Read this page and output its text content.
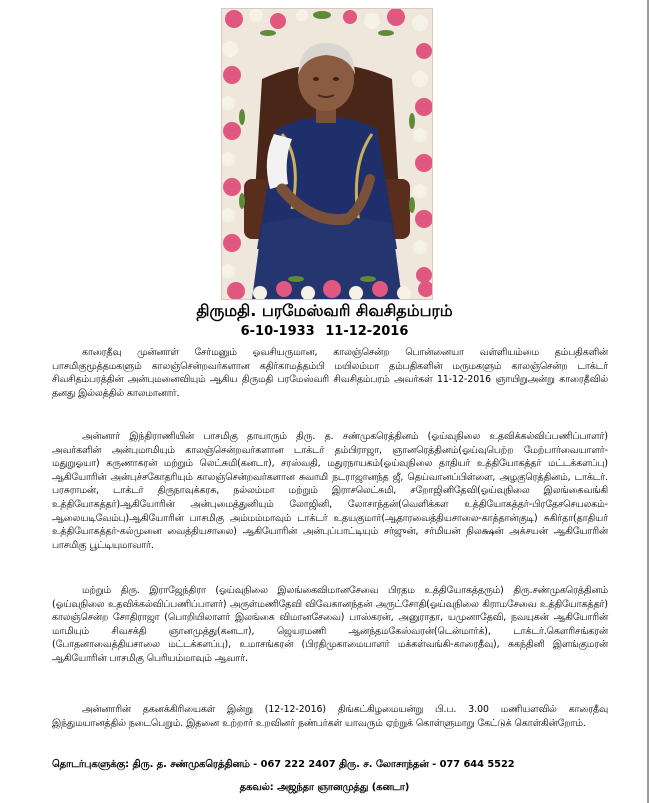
திருமதி. பரமேஸ்வரி சிவசிதம்பரம்
6-10-1933 11-12-2016

காரைதீவு முன்னாள் சேர்மனும் ஓவசியருமான, காலஞ்சென்ற பொன்னையா வள்ளியம்மை தம்பதிகளின் பாசமிகுமூத்தமகளும் காலஞ்சென்றவர்களான கதிர்காமத்தம்பி மயிலம்மா தம்பதிகளின் மருமகளும் காலஞ்சென்ற டாக்டர் சிவசிதம்பரத்தின் அன்புமனைவியும் ஆகிய திருமதி பரமேஸ்வரி சிவசிதம்பரம் அவர்கள் 11-12-2016 ஞாயிறுஅன்று காரைதீவில் தனது இல்லத்தில் காலமானார்.

அன்னார் இந்திராணியின் பாசமிகு தாயாரும் திரு. த. சண்முகரெத்தினம் (ஓய்வுநிலை உதவிக்கல்விப்பணிப்பாளர்) அவர்களின் அன்புமாமியும் காலஞ்சென்றவர்களான டாக்டர் தம்பிராஜா, ஞானரெத்தினம்(ஓய்வுபெற்ற மேற்பார்வையாளர்-மதுறுஓயா) கருணாகரன் மற்றும் லெட்சுமி(கனடா), சரஸ்வதி, மதுரநாயகம்(ஓய்வுநிலை தாதியர் உத்தியோகத்தர் மட்டக்களப்பு) ஆகியோரின் அன்புச்சகோதரியும் காலஞ்சென்றவர்களான சுவாமி நடராஜானந்த ஜீ, தெய்வானப்பிள்ளை, அழகுரெத்தினம், டாக்டர். பரசுராமன், டாக்டர் திருநாவுக்கரசு, நல்லம்மா மற்றும் இராசலெட்சுமி, சறோஜினிதேவி(ஓய்வுநிலை இலங்கைவங்கி உத்தியோகத்தர்)ஆகியோரின் அன்புமைத்துனியும் லோஜினி, லோசாந்தன்(வெளிக்கள உத்தியோகத்தர்-பிரதேசசெயலகம்-ஆலையடிவேம்பு)ஆகியோரின் பாசமிகு அம்மம்மாவும் டாக்டர் உதயகுமார்(ஆதாரவைத்தியசாலை-காத்தான்குடி) சுகிர்தா(தாதியர் உத்தியோகத்தர்-கல்முனை வைத்தியசாலை) ஆகியோரின் அன்புப்பாட்டியும் சர்ஜுன், சர்மியன் நிலக்ஷன் அக்சயன் ஆகியோரின் பாசமிகு பூட்டியுமாவார்.

மற்றும் திரு. இராஜேந்திரா (ஓய்வுநிலை இலங்கைவிமானசேவை பிரதம உத்தியோகத்தரும்) திரு.சண்முகரெத்தினம் (ஓய்வுநிலை உதவிக்கல்விப்பணிப்பாளர்) அருள்மணிதேவி விவேகானந்தன் அருட்சோதி(ஓய்வுநிலை கிராமசேவை உத்தியோகத்தர்) காலஞ்சென்ற சோதிராஜா (பொறியிலாளர் இலங்கை விமானசேவை) பாஸ்கரன், அனுராதா, யமுனாதேவி, நவயுகன் ஆகியோரின் மாமியும் சிவசக்தி ஞானமுத்து(கனடா), ஜெயரமணி ஆனந்தமகேஸ்வரன்(டென்மார்க்), டாக்டர்.கௌரிசங்கரன் (போதனாவைத்தியசாலை மட்டக்களப்பு), உமாசங்கரன் (பிரதிமுகாமையாளர் மக்கள்வங்கி-காரைதீவு), சுகந்தினி இளங்குமரன் ஆகியோரின் பாசமிகு பெரியம்மாவும் ஆவார்.

அன்னாரின் தகனக்கிரியைகள் இன்று (12-12-2016) திங்கட்கிழமையன்று பி.ப. 3.00 மணியளவில் காரைதீவு இந்துமயானத்தில் நடைபெறும். இதனை உற்றார் உறவினர் நண்பர்கள் யாவரும் ஏற்றுக் கொள்ளுமாறு கேட்டுக் கொள்கின்றோம்.

தொடர்புகளுக்கு: திரு. த. சண்முகரெத்தினம் - 067 222 2407 திரு. ச. லோசாந்தன் - 077 644 5522
தகவல்: அஜந்தா ஞானமுத்து (கனடா)
